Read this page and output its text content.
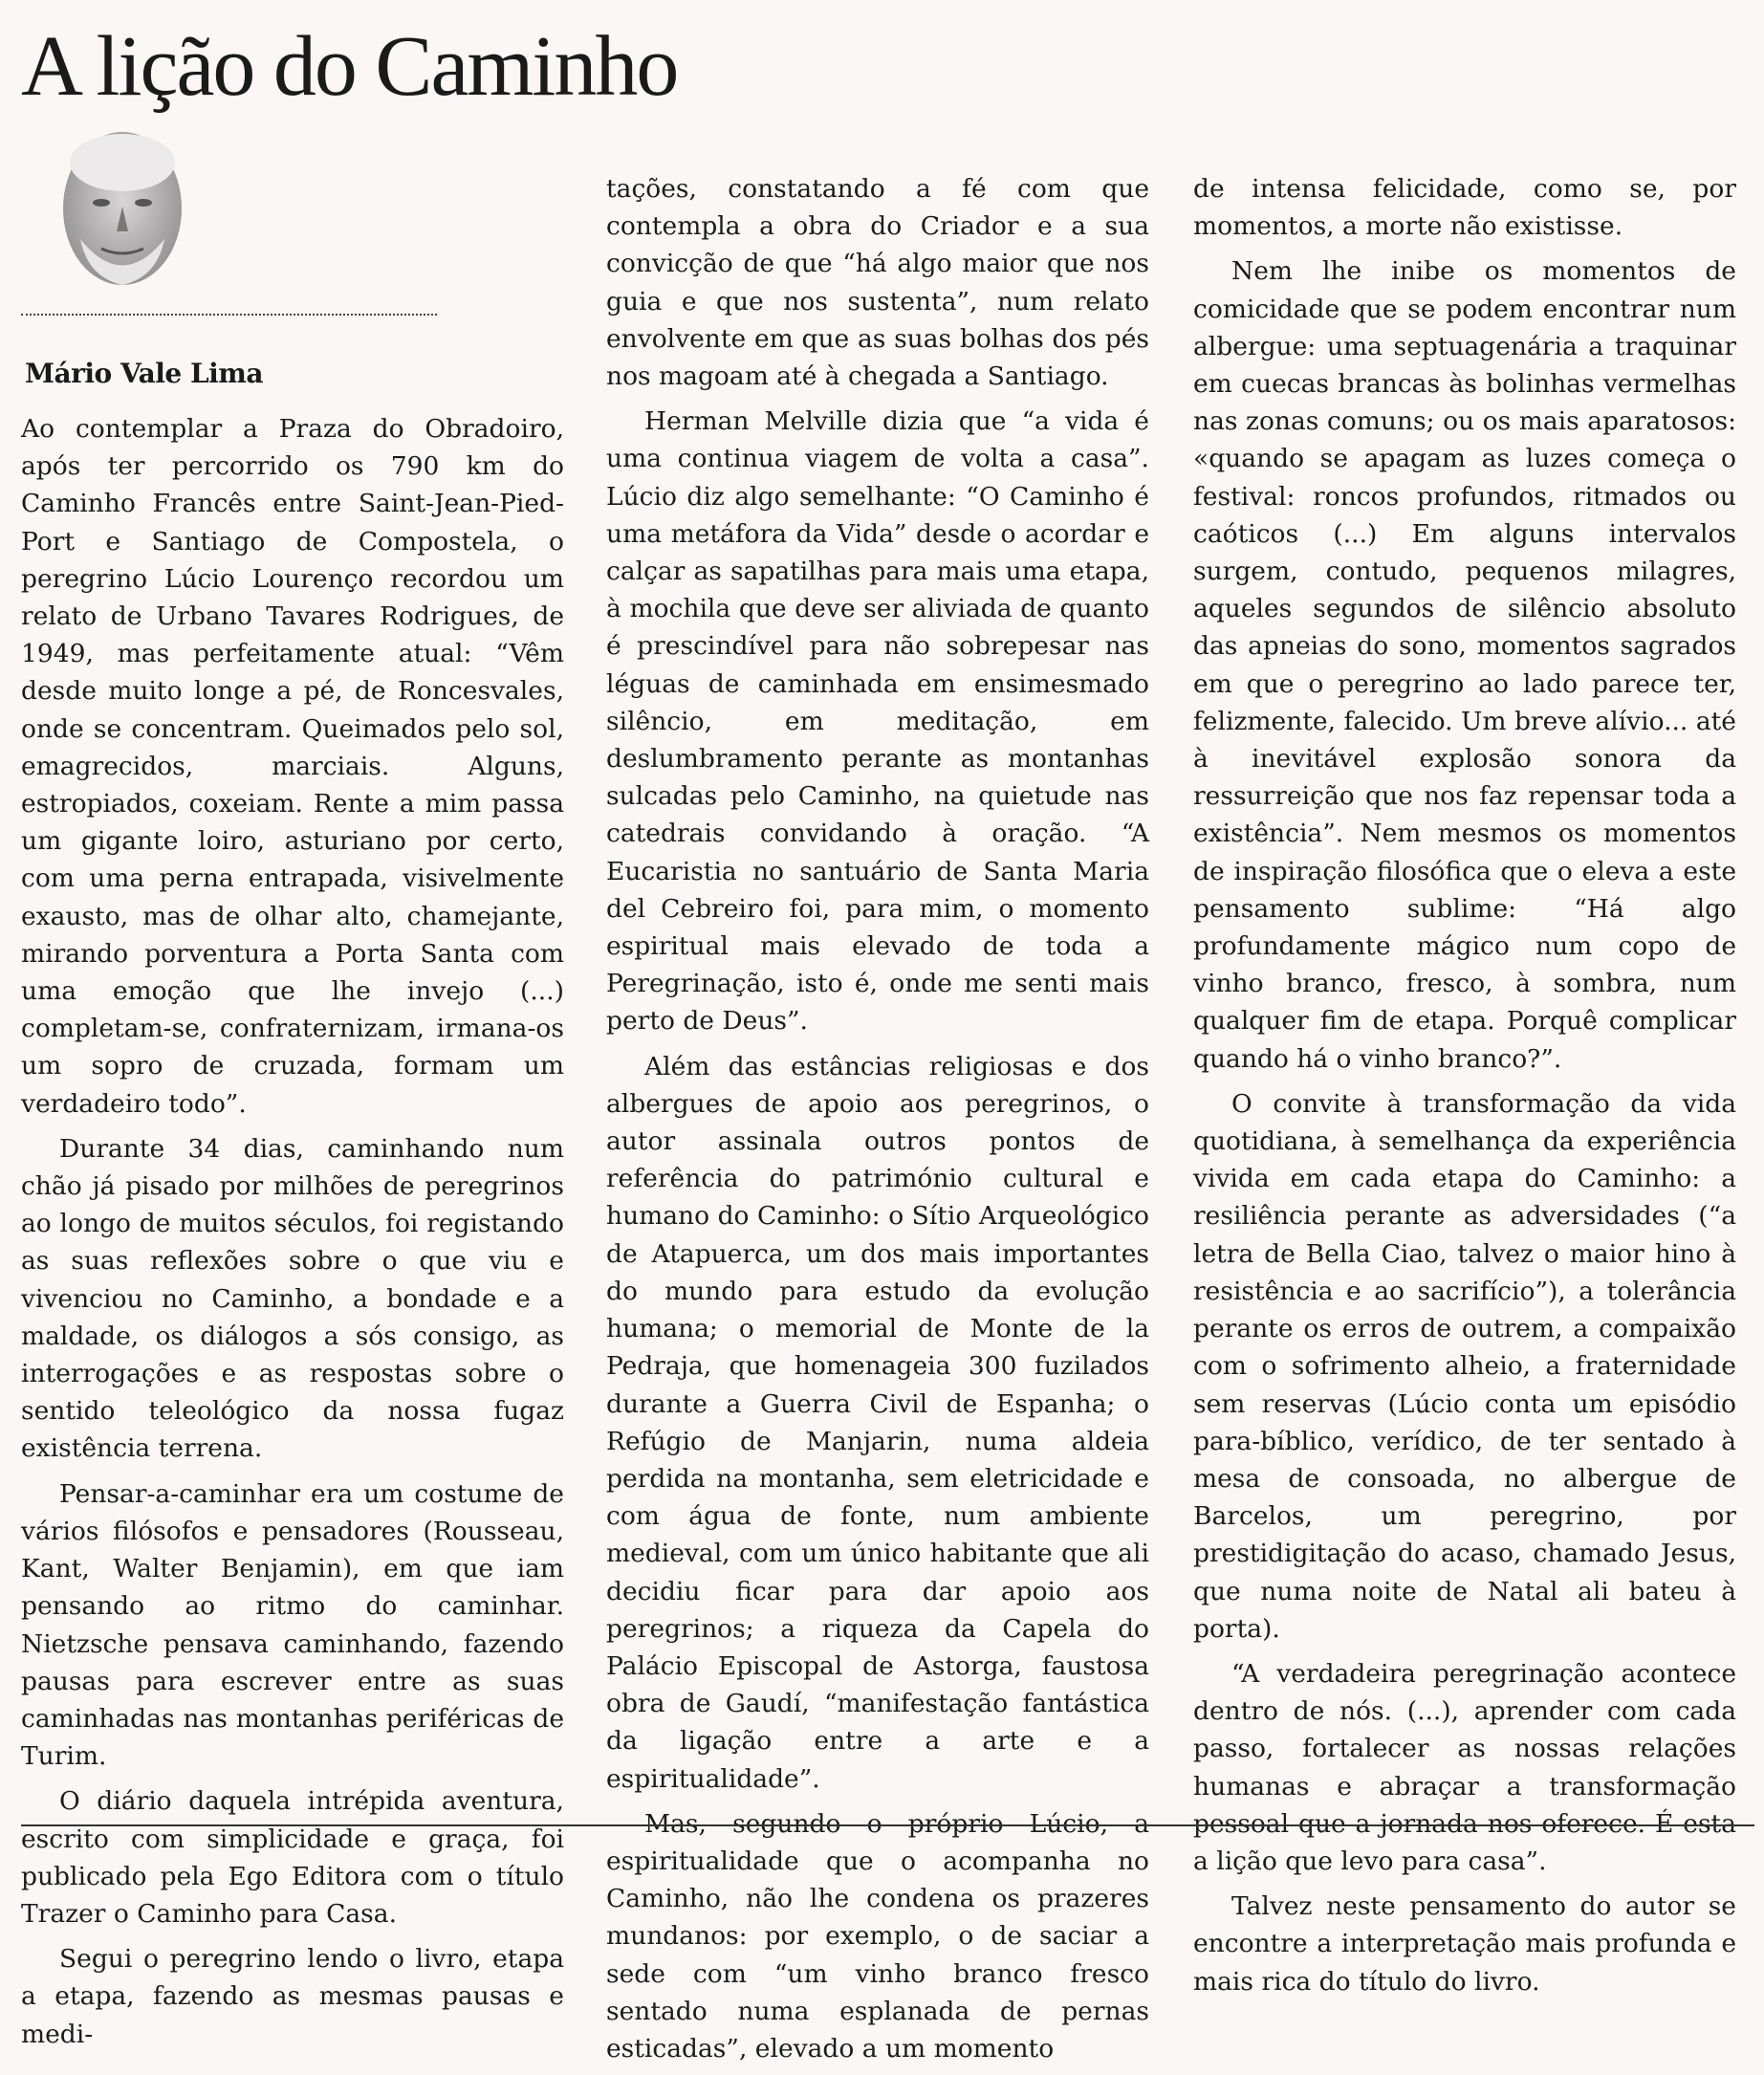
A lição do Caminho
Mário Vale Lima

Ao contemplar a Praza do Obradoiro, após ter percorrido os 790 km do Caminho Francês entre Saint-Jean-Pied-Port e Santiago de Compostela, o peregrino Lúcio Lourenço recordou um relato de Urbano Tavares Rodrigues, de 1949, mas perfeitamente atual: “Vêm desde muito longe a pé, de Roncesvales, onde se concentram. Queimados pelo sol, emagrecidos, marciais. Alguns, estropiados, coxeiam. Rente a mim passa um gigante loiro, asturiano por certo, com uma perna entrapada, visivelmente exausto, mas de olhar alto, chamejante, mirando porventura a Porta Santa com uma emoção que lhe invejo (...) completam-se, confraternizam, irmana-os um sopro de cruzada, formam um verdadeiro todo”.

Durante 34 dias, caminhando num chão já pisado por milhões de peregrinos ao longo de muitos séculos, foi registando as suas reflexões sobre o que viu e vivenciou no Caminho, a bondade e a maldade, os diálogos a sós consigo, as interrogações e as respostas sobre o sentido teleológico da nossa fugaz existência terrena.

Pensar-a-caminhar era um costume de vários filósofos e pensadores (Rousseau, Kant, Walter Benjamin), em que iam pensando ao ritmo do caminhar. Nietzsche pensava caminhando, fazendo pausas para escrever entre as suas caminhadas nas montanhas periféricas de Turim.

O diário daquela intrépida aventura, escrito com simplicidade e graça, foi publicado pela Ego Editora com o título Trazer o Caminho para Casa.

Segui o peregrino lendo o livro, etapa a etapa, fazendo as mesmas pausas e medi-

tações, constatando a fé com que contempla a obra do Criador e a sua convicção de que “há algo maior que nos guia e que nos sustenta”, num relato envolvente em que as suas bolhas dos pés nos magoam até à chegada a Santiago.

Herman Melville dizia que “a vida é uma continua viagem de volta a casa”. Lúcio diz algo semelhante: “O Caminho é uma metáfora da Vida” desde o acordar e calçar as sapatilhas para mais uma etapa, à mochila que deve ser aliviada de quanto é prescindível para não sobrepesar nas léguas de caminhada em ensimesmado silêncio, em meditação, em deslumbramento perante as montanhas sulcadas pelo Caminho, na quietude nas catedrais convidando à oração. “A Eucaristia no santuário de Santa Maria del Cebreiro foi, para mim, o momento espiritual mais elevado de toda a Peregrinação, isto é, onde me senti mais perto de Deus”.

Além das estâncias religiosas e dos albergues de apoio aos peregrinos, o autor assinala outros pontos de referência do património cultural e humano do Caminho: o Sítio Arqueológico de Atapuerca, um dos mais importantes do mundo para estudo da evolução humana; o memorial de Monte de la Pedraja, que homenageia 300 fuzilados durante a Guerra Civil de Espanha; o Refúgio de Manjarin, numa aldeia perdida na montanha, sem eletricidade e com água de fonte, num ambiente medieval, com um único habitante que ali decidiu ficar para dar apoio aos peregrinos; a riqueza da Capela do Palácio Episcopal de Astorga, faustosa obra de Gaudí, “manifestação fantástica da ligação entre a arte e a espiritualidade”.

Mas, segundo o próprio Lúcio, a espiritualidade que o acompanha no Caminho, não lhe condena os prazeres mundanos: por exemplo, o de saciar a sede com “um vinho branco fresco sentado numa esplanada de pernas esticadas”, elevado a um momento

de intensa felicidade, como se, por momentos, a morte não existisse.

Nem lhe inibe os momentos de comicidade que se podem encontrar num albergue: uma septuagenária a traquinar em cuecas brancas às bolinhas vermelhas nas zonas comuns; ou os mais aparatosos: «quando se apagam as luzes começa o festival: roncos profundos, ritmados ou caóticos (...) Em alguns intervalos surgem, contudo, pequenos milagres, aqueles segundos de silêncio absoluto das apneias do sono, momentos sagrados em que o peregrino ao lado parece ter, felizmente, falecido. Um breve alívio... até à inevitável explosão sonora da ressurreição que nos faz repensar toda a existência”. Nem mesmos os momentos de inspiração filosófica que o eleva a este pensamento sublime: “Há algo profundamente mágico num copo de vinho branco, fresco, à sombra, num qualquer fim de etapa. Porquê complicar quando há o vinho branco?”.

O convite à transformação da vida quotidiana, à semelhança da experiência vivida em cada etapa do Caminho: a resiliência perante as adversidades (“a letra de Bella Ciao, talvez o maior hino à resistência e ao sacrifício”), a tolerância perante os erros de outrem, a compaixão com o sofrimento alheio, a fraternidade sem reservas (Lúcio conta um episódio para-bíblico, verídico, de ter sentado à mesa de consoada, no albergue de Barcelos, um peregrino, por prestidigitação do acaso, chamado Jesus, que numa noite de Natal ali bateu à porta).

“A verdadeira peregrinação acontece dentro de nós. (...), aprender com cada passo, fortalecer as nossas relações humanas e abraçar a transformação pessoal que a jornada nos oferece. É esta a lição que levo para casa”.

Talvez neste pensamento do autor se encontre a interpretação mais profunda e mais rica do título do livro.
